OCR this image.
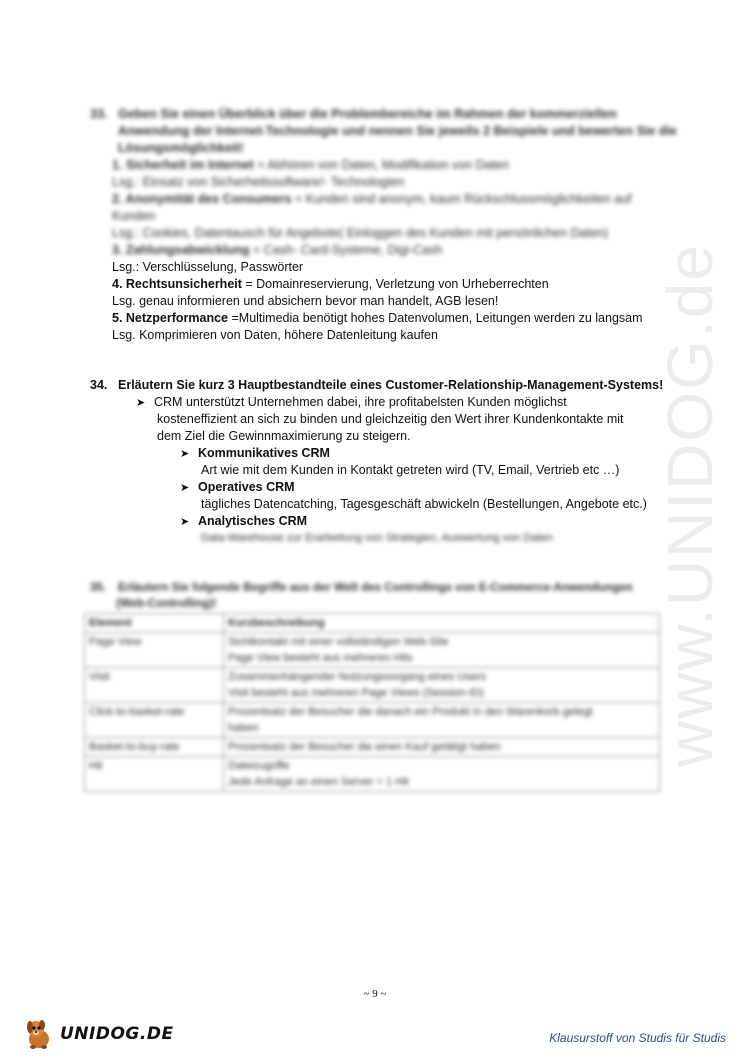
www.UNIDOG.de
33. Geben Sie einen Überblick über die Problembereiche im Rahmen der kommerziellen
Anwendung der Internet-Technologie und nennen Sie jeweils 2 Beispiele und bewerten Sie die
Lösungsmöglichkeit!
1. Sicherheit im Internet = Abhören von Daten, Modifikation von Daten
Lsg.: Einsatz von Sicherheitssoftware/- Technologien
2. Anonymität des Consumers = Kunden sind anonym, kaum Rückschlussmöglichkeiten auf
Kunden
Lsg.: Cookies, Datentausch für Angebote( Einloggen des Kunden mit persönlichen Daten)
3. Zahlungsabwicklung = Cash- Card-Systeme, Digi-Cash
Lsg.: Verschlüsselung, Passwörter
4. Rechtsunsicherheit = Domainreservierung, Verletzung von Urheberrechten
Lsg. genau informieren und absichern bevor man handelt, AGB lesen!
5. Netzperformance =Multimedia benötigt hohes Datenvolumen, Leitungen werden zu langsam
Lsg. Komprimieren von Daten, höhere Datenleitung kaufen
34. Erläutern Sie kurz 3 Hauptbestandteile eines Customer-Relationship-Management-Systems!
➤ CRM unterstützt Unternehmen dabei, ihre profitabelsten Kunden möglichst
kosteneffizient an sich zu binden und gleichzeitig den Wert ihrer Kundenkontakte mit
dem Ziel die Gewinnmaximierung zu steigern.
➤ Kommunikatives CRM
Art wie mit dem Kunden in Kontakt getreten wird (TV, Email, Vertrieb etc …)
➤ Operatives CRM
tägliches Datencatching, Tagesgeschäft abwickeln (Bestellungen, Angebote etc.)
➤ Analytisches CRM
Data-Warehouse zur Erarbeitung von Strategien, Auswertung von Daten
35. Erläutern Sie folgende Begriffe aus der Welt des Controllings von E-Commerce-Anwendungen
(Web-Controlling)!
Element	Kurzbeschreibung
Page View	Sichtkontakt mit einer vollständigen Web-Site
Page View besteht aus mehreren Hits

Visit	Zusammenhängender Nutzungsvorgang eines Users
Visit besteht aus mehreren Page Views (Session-ID)

Click-to-basket-rate	Prozentsatz der Besucher die danach ein Produkt in den Warenkorb gelegt
haben

Basket-to-buy-rate	Prozentsatz der Besucher die einen Kauf getätigt haben

Hit	Dateizugriffe
Jede Anfrage an einen Server = 1 Hit
~ 9 ~
UNIDOG.DE	Klausurstoff von Studis für Studis
